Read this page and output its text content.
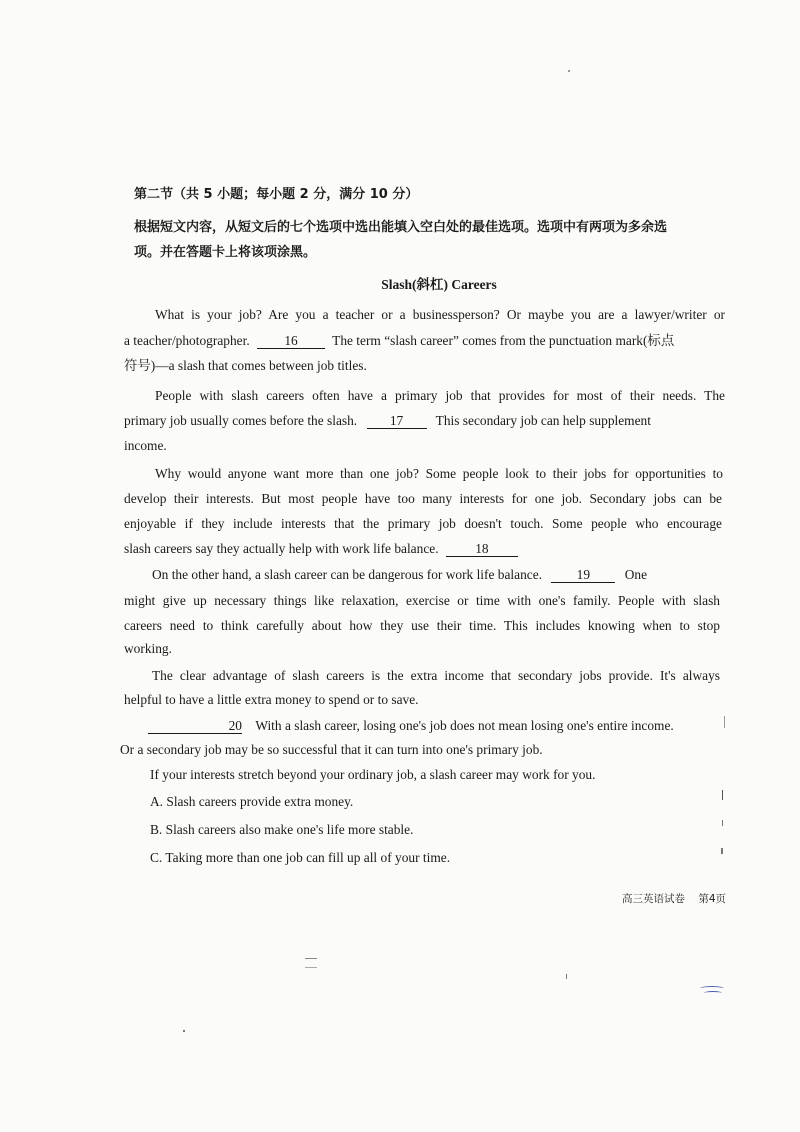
第二节（共 5 小题；每小题 2 分，满分 10 分）
根据短文内容，从短文后的七个选项中选出能填入空白处的最佳选项。选项中有两项为多余选
项。并在答题卡上将该项涂黑。
Slash(斜杠) Careers
What is your job? Are you a teacher or a businessperson? Or maybe you are a lawyer/writer or
a teacher/photographer.	16	The term “slash career” comes from the punctuation mark(标点
符号)—a slash that comes between job titles.
People with slash careers often have a primary job that provides for most of their needs. The
primary job usually comes before the slash. 17 This secondary job can help supplement
income.
Why would anyone want more than one job? Some people look to their jobs for opportunities to
develop their interests. But most people have too many interests for one job. Secondary jobs can be
enjoyable if they include interests that the primary job doesn't touch. Some people who encourage
slash careers say they actually help with work life balance.	18
On the other hand, a slash career can be dangerous for work life balance.	19	One
might give up necessary things like relaxation, exercise or time with one's family. People with slash
careers need to think carefully about how they use their time. This includes knowing when to stop
working.
The clear advantage of slash careers is the extra income that secondary jobs provide. It's always
helpful to have a little extra money to spend or to save.
20 With a slash career, losing one's job does not mean losing one's entire income.
Or a secondary job may be so successful that it can turn into one's primary job.
If your interests stretch beyond your ordinary job, a slash career may work for you.
A. Slash careers provide extra money.
B. Slash careers also make one's life more stable.
C. Taking more than one job can fill up all of your time.
高三英语试卷 第4页
